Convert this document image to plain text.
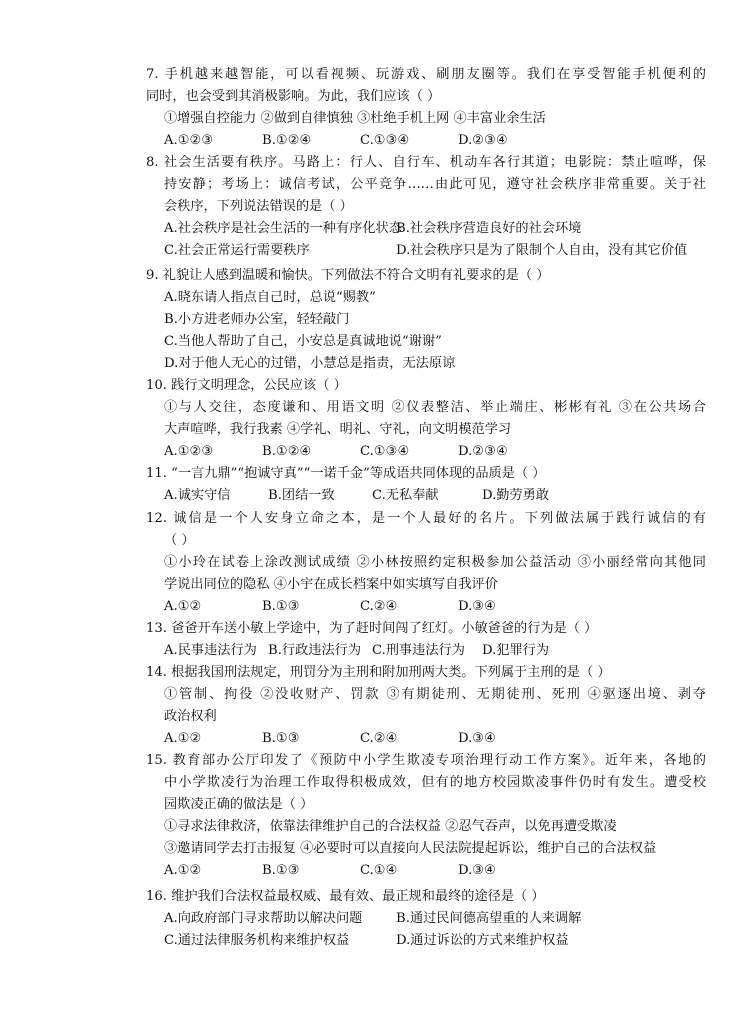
7. 手机越来越智能，可以看视频、玩游戏、刷朋友圈等。我们在享受智能手机便利的
同时，也会受到其消极影响。为此，我们应该（ ）
①增强自控能力 ②做到自律慎独 ③杜绝手机上网 ④丰富业余生活
A.①②③	B.①②④	C.①③④	D.②③④
8. 社会生活要有秩序。马路上：行人、自行车、机动车各行其道；电影院：禁止喧哗，保
持安静；考场上：诚信考试，公平竞争……由此可见，遵守社会秩序非常重要。关于社
会秩序，下列说法错误的是（ ）
A.社会秩序是社会生活的一种有序化状态
B.社会秩序营造良好的社会环境
C.社会正常运行需要秩序	D.社会秩序只是为了限制个人自由，没有其它价值
9. 礼貌让人感到温暖和愉快。下列做法不符合文明有礼要求的是（ ）
A.晓东请人指点自己时，总说“赐教”
B.小方进老师办公室，轻轻敲门
C.当他人帮助了自己，小安总是真诚地说“谢谢”
D.对于他人无心的过错，小慧总是指责，无法原谅
10. 践行文明理念，公民应该（ ）
①与人交往，态度谦和、用语文明 ②仪表整洁、举止端庄、彬彬有礼 ③在公共场合
大声喧哗，我行我素 ④学礼、明礼、守礼，向文明模范学习
A.①②③	B.①②④	C.①③④	D.②③④
11. “一言九鼎”“抱诚守真”“一诺千金”等成语共同体现的品质是（ ）
A.诚实守信	B.团结一致	C.无私奉献	D.勤劳勇敢
12. 诚信是一个人安身立命之本，是一个人最好的名片。下列做法属于践行诚信的有
（ ）
①小玲在试卷上涂改测试成绩 ②小林按照约定积极参加公益活动 ③小丽经常向其他同
学说出同位的隐私 ④小宇在成长档案中如实填写自我评价
A.①②	B.①③	C.②④	D.③④
13. 爸爸开车送小敏上学途中，为了赶时间闯了红灯。小敏爸爸的行为是（ ）
A.民事违法行为 B.行政违法行为 C.刑事违法行为	D.犯罪行为
14. 根据我国刑法规定，刑罚分为主刑和附加刑两大类。下列属于主刑的是（ ）
①管制、拘役 ②没收财产、罚款 ③有期徒刑、无期徒刑、死刑 ④驱逐出境、剥夺
政治权利
A.①②	B.①③	C.②④	D.③④
15. 教育部办公厅印发了《预防中小学生欺凌专项治理行动工作方案》。近年来，各地的
中小学欺凌行为治理工作取得积极成效，但有的地方校园欺凌事件仍时有发生。遭受校
园欺凌正确的做法是（ ）
①寻求法律救济，依靠法律维护自己的合法权益 ②忍气吞声，以免再遭受欺凌
③邀请同学去打击报复 ④必要时可以直接向人民法院提起诉讼，维护自己的合法权益
A.①②	B.①③	C.①④	D.③④
16. 维护我们合法权益最权威、最有效、最正规和最终的途径是（ ）
A.向政府部门寻求帮助以解决问题	B.通过民间德高望重的人来调解
C.通过法律服务机构来维护权益	D.通过诉讼的方式来维护权益
